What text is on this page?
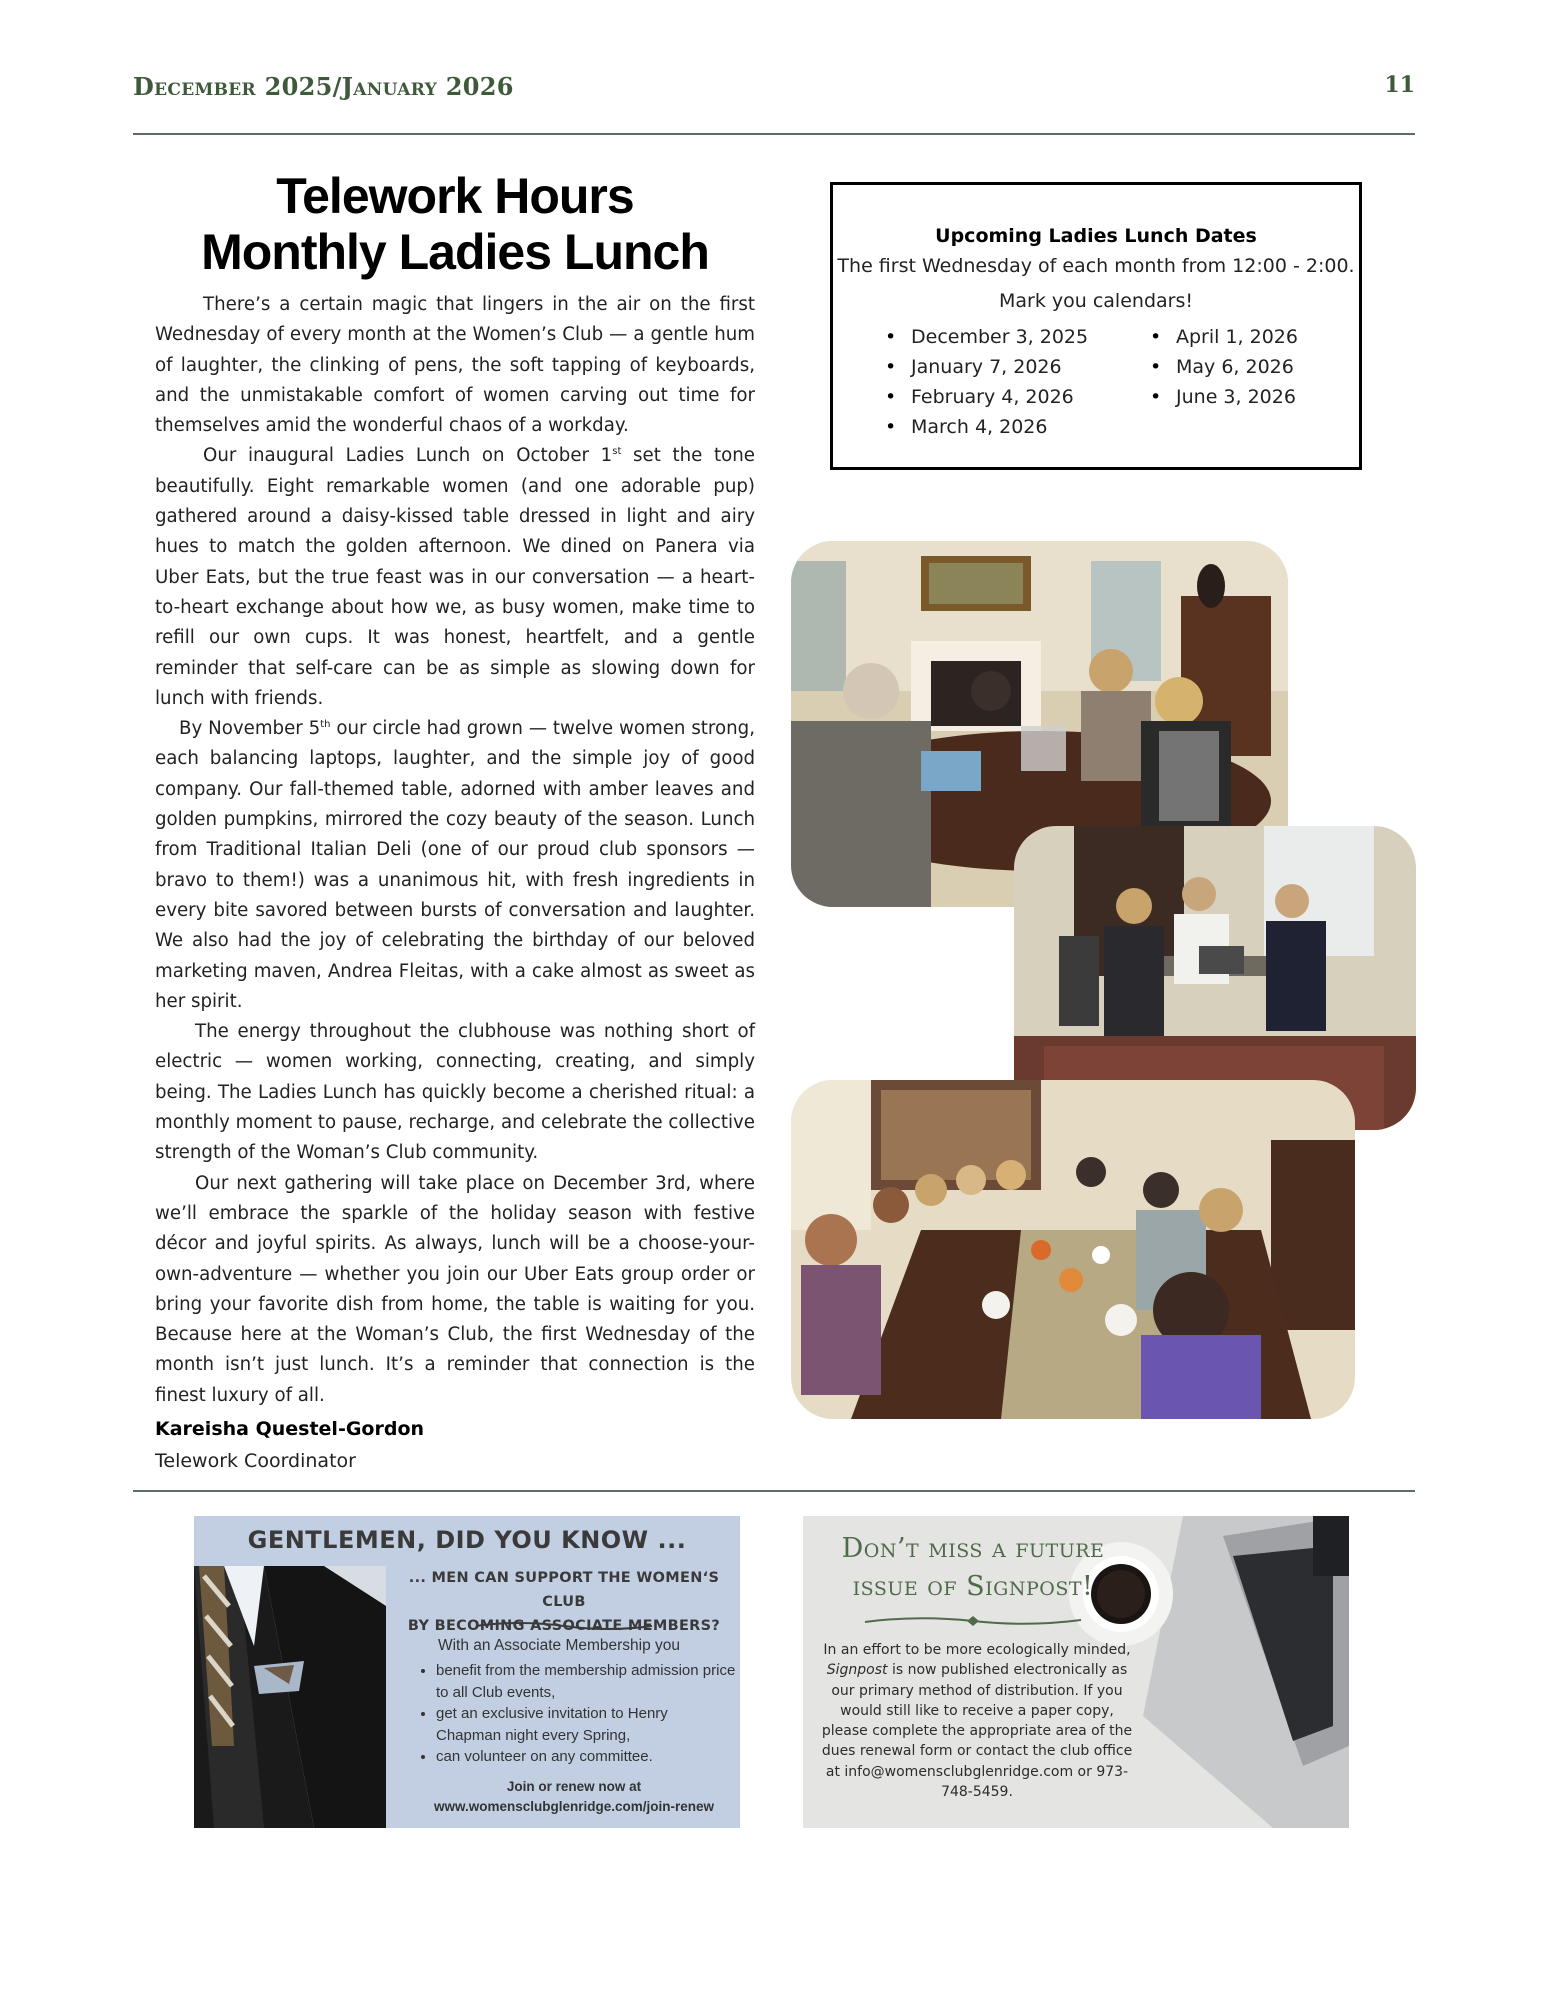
December 2025/January 2026	11
Telework Hours
Monthly Ladies Lunch

There’s a certain magic that lingers in the air on the first Wednesday of every month at the Women’s Club — a gentle hum of laughter, the clinking of pens, the soft tapping of keyboards, and the unmistakable comfort of women carving out time for themselves amid the wonderful chaos of a workday.

Our inaugural Ladies Lunch on October 1st set the tone beautifully. Eight remarkable women (and one adorable pup) gathered around a daisy-kissed table dressed in light and airy hues to match the golden afternoon. We dined on Panera via Uber Eats, but the true feast was in our conversation — a heart-to-heart exchange about how we, as busy women, make time to refill our own cups. It was honest, heartfelt, and a gentle reminder that self-care can be as simple as slowing down for lunch with friends.

By November 5th our circle had grown — twelve women strong, each balancing laptops, laughter, and the simple joy of good company. Our fall-themed table, adorned with amber leaves and golden pumpkins, mirrored the cozy beauty of the season. Lunch from Traditional Italian Deli (one of our proud club sponsors — bravo to them!) was a unanimous hit, with fresh ingredients in every bite savored between bursts of conversation and laughter. We also had the joy of celebrating the birthday of our beloved marketing maven, Andrea Fleitas, with a cake almost as sweet as her spirit.

The energy throughout the clubhouse was nothing short of electric — women working, connecting, creating, and simply being. The Ladies Lunch has quickly become a cherished ritual: a monthly moment to pause, recharge, and celebrate the collective strength of the Woman’s Club community.

Our next gathering will take place on December 3rd, where we’ll embrace the sparkle of the holiday season with festive décor and joyful spirits. As always, lunch will be a choose-your-own-adventure — whether you join our Uber Eats group order or bring your favorite dish from home, the table is waiting for you. Because here at the Woman’s Club, the first Wednesday of the month isn’t just lunch. It’s a reminder that connection is the finest luxury of all.

Kareisha Questel-Gordon
Telework Coordinator
Upcoming Ladies Lunch Dates
The first Wednesday of each month from 12:00 - 2:00.
Mark you calendars!
• December 3, 2025
• January 7, 2026
• February 4, 2026
• March 4, 2026
• April 1, 2026
• May 6, 2026
• June 3, 2026
GENTLEMEN, DID YOU KNOW ...
... MEN CAN SUPPORT THE WOMEN‘S CLUB
BY BECOMING ASSOCIATE MEMBERS?
With an Associate Membership you
• benefit from the membership admission price to all Club events,
• get an exclusive invitation to Henry Chapman night every Spring,
• can volunteer on any committee.
Join or renew now at
www.womensclubglenridge.com/join-renew
Don’t miss a future
issue of Signpost!
In an effort to be more ecologically minded, Signpost is now published electronically as our primary method of distribution. If you would still like to receive a paper copy, please complete the appropriate area of the dues renewal form or contact the club office at info@womensclubglenridge.com or 973-748-5459.
